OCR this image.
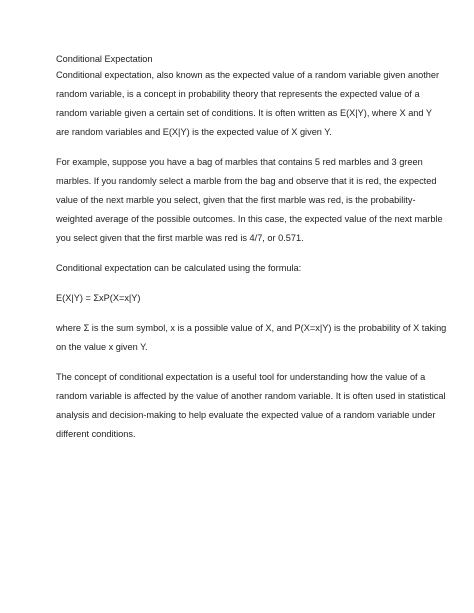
Conditional Expectation
Conditional expectation, also known as the expected value of a random variable given another
random variable, is a concept in probability theory that represents the expected value of a
random variable given a certain set of conditions. It is often written as E(X|Y), where X and Y
are random variables and E(X|Y) is the expected value of X given Y.
For example, suppose you have a bag of marbles that contains 5 red marbles and 3 green
marbles. If you randomly select a marble from the bag and observe that it is red, the expected
value of the next marble you select, given that the first marble was red, is the probability-
weighted average of the possible outcomes. In this case, the expected value of the next marble
you select given that the first marble was red is 4/7, or 0.571.
Conditional expectation can be calculated using the formula:
E(X|Y) = ΣxP(X=x|Y)
where Σ is the sum symbol, x is a possible value of X, and P(X=x|Y) is the probability of X taking
on the value x given Y.
The concept of conditional expectation is a useful tool for understanding how the value of a
random variable is affected by the value of another random variable. It is often used in statistical
analysis and decision-making to help evaluate the expected value of a random variable under
different conditions.
